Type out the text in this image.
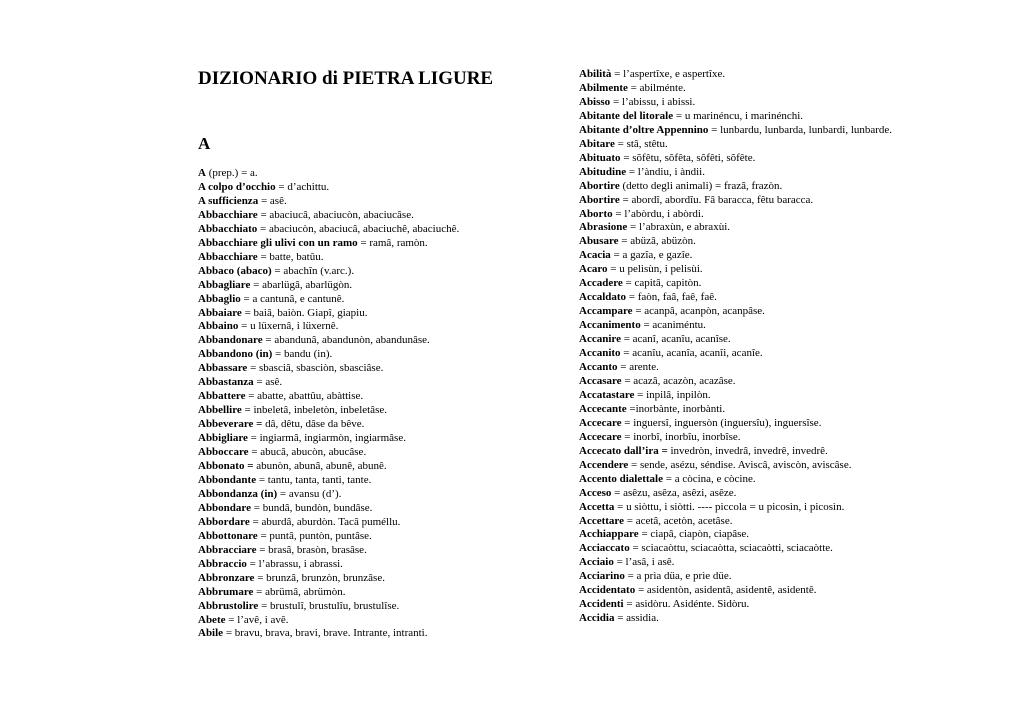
DIZIONARIO di PIETRA LIGURE
A

A (prep.) = a.

A colpo d’occhio = d’achittu.

A sufficienza = asê.

Abbacchiare = abaciucâ, abaciucòn, abaciucâse.

Abbacchiato = abaciucòn, abaciucâ, abaciuchê, abaciuchê.

Abbacchiare gli ulivi con un ramo = ramâ, ramòn.

Abbacchiare = batte, batûu.

Abbaco (abaco) = abachîn (v.arc.).

Abbagliare = abarlügâ, abarlügòn.

Abbaglio = a cantunâ, e cantunê.

Abbaiare = baiâ, baiòn. Giapî, giapiu.

Abbaino = u lüxernâ, i lüxernê.

Abbandonare = abandunâ, abandunòn, abandunâse.

Abbandono (in) = bandu (in).

Abbassare = sbasciâ, sbasciòn, sbasciâse.

Abbastanza = asê.

Abbattere = abatte, abattûu, abàttise.

Abbellire = inbeletâ, inbeletòn, inbeletâse.

Abbeverare = dâ, dêtu, dâse da bêve.

Abbigliare = ingiarmâ, ingiarmòn, ingiarmâse.

Abboccare = abucâ, abucòn, abucâse.

Abbonato = abunòn, abunâ, abunê, abunê.

Abbondante = tantu, tanta, tanti, tante.

Abbondanza (in) = avansu (d’).

Abbondare = bundâ, bundòn, bundâse.

Abbordare = aburdâ, aburdòn. Tacâ puméllu.

Abbottonare = puntâ, puntòn, puntâse.

Abbracciare = brasâ, brasòn, brasâse.

Abbraccio = l’abrassu, i abrassi.

Abbronzare = brunzâ, brunzòn, brunzâse.

Abbrumare = abrümâ, abrümòn.

Abbrustolire = brustulî, brustulîu, brustulîse.

Abete = l’avê, i avê.

Abile = bravu, brava, bravi, brave. Intrante, intranti.

Abilità = l’aspertîxe, e aspertîxe.

Abilmente = abilménte.

Abisso = l’abissu, i abissi.

Abitante del litorale = u marinéncu, i marinénchi.

Abitante d’oltre Appennino = lunbardu, lunbarda, lunbardi, lunbarde.

Abitare = stâ, stêtu.

Abituato = sõfêtu, sõfêta, sõfêti, sõfête.

Abitudine = l’àndiu, i àndii.

Abortire (detto degli animali) = frazâ, frazòn.

Abortire = abordî, abordîu. Fâ baracca, fêtu baracca.

Aborto = l’abòrdu, i abòrdi.

Abrasione = l’abraxùn, e abraxùi.

Abusare = abüzâ, abüzòn.

Acacia = a gazîa, e gazîe.

Acaro = u pelisùn, i pelisùi.

Accadere = capitâ, capitòn.

Accaldato = faòn, faâ, faê, faê.

Accampare = acanpâ, acanpòn, acanpâse.

Accanimento = acaniméntu.

Accanire = acanî, acanîu, acanîse.

Accanito = acanîu, acanîa, acanîi, acanîe.

Accanto = arente.

Accasare = acazâ, acazòn, acazâse.

Accatastare = inpilâ, inpilòn.

Accecante =inorbànte, inorbànti.

Accecare = inguersî, inguersòn (inguersîu), inguersîse.

Accecare = inorbî, inorbîu, inorbîse.

Accecato dall’ira = invedròn, invedrâ, invedrê, invedrê.

Accendere = sende, asézu, séndise. Aviscâ, aviscòn, aviscâse.

Accento dialettale = a còcina, e còcine.

Acceso = asêzu, asêza, asêzi, asêze.

Accetta = u siòttu, i siòtti. ---- piccola = u picosìn, i picosìn.

Accettare = acetâ, acetòn, acetâse.

Acchiappare = ciapâ, ciapòn, ciapâse.

Acciaccato = sciacaòttu, sciacaòtta, sciacaòtti, sciacaòtte.

Acciaio = l’asâ, i asê.

Acciarino = a prìa düa, e prìe düe.

Accidentato = asidentòn, asidentâ, asidentê, asidentê.

Accidenti = asidòru. Asidénte. Sidòru.

Accidia = assidia.
